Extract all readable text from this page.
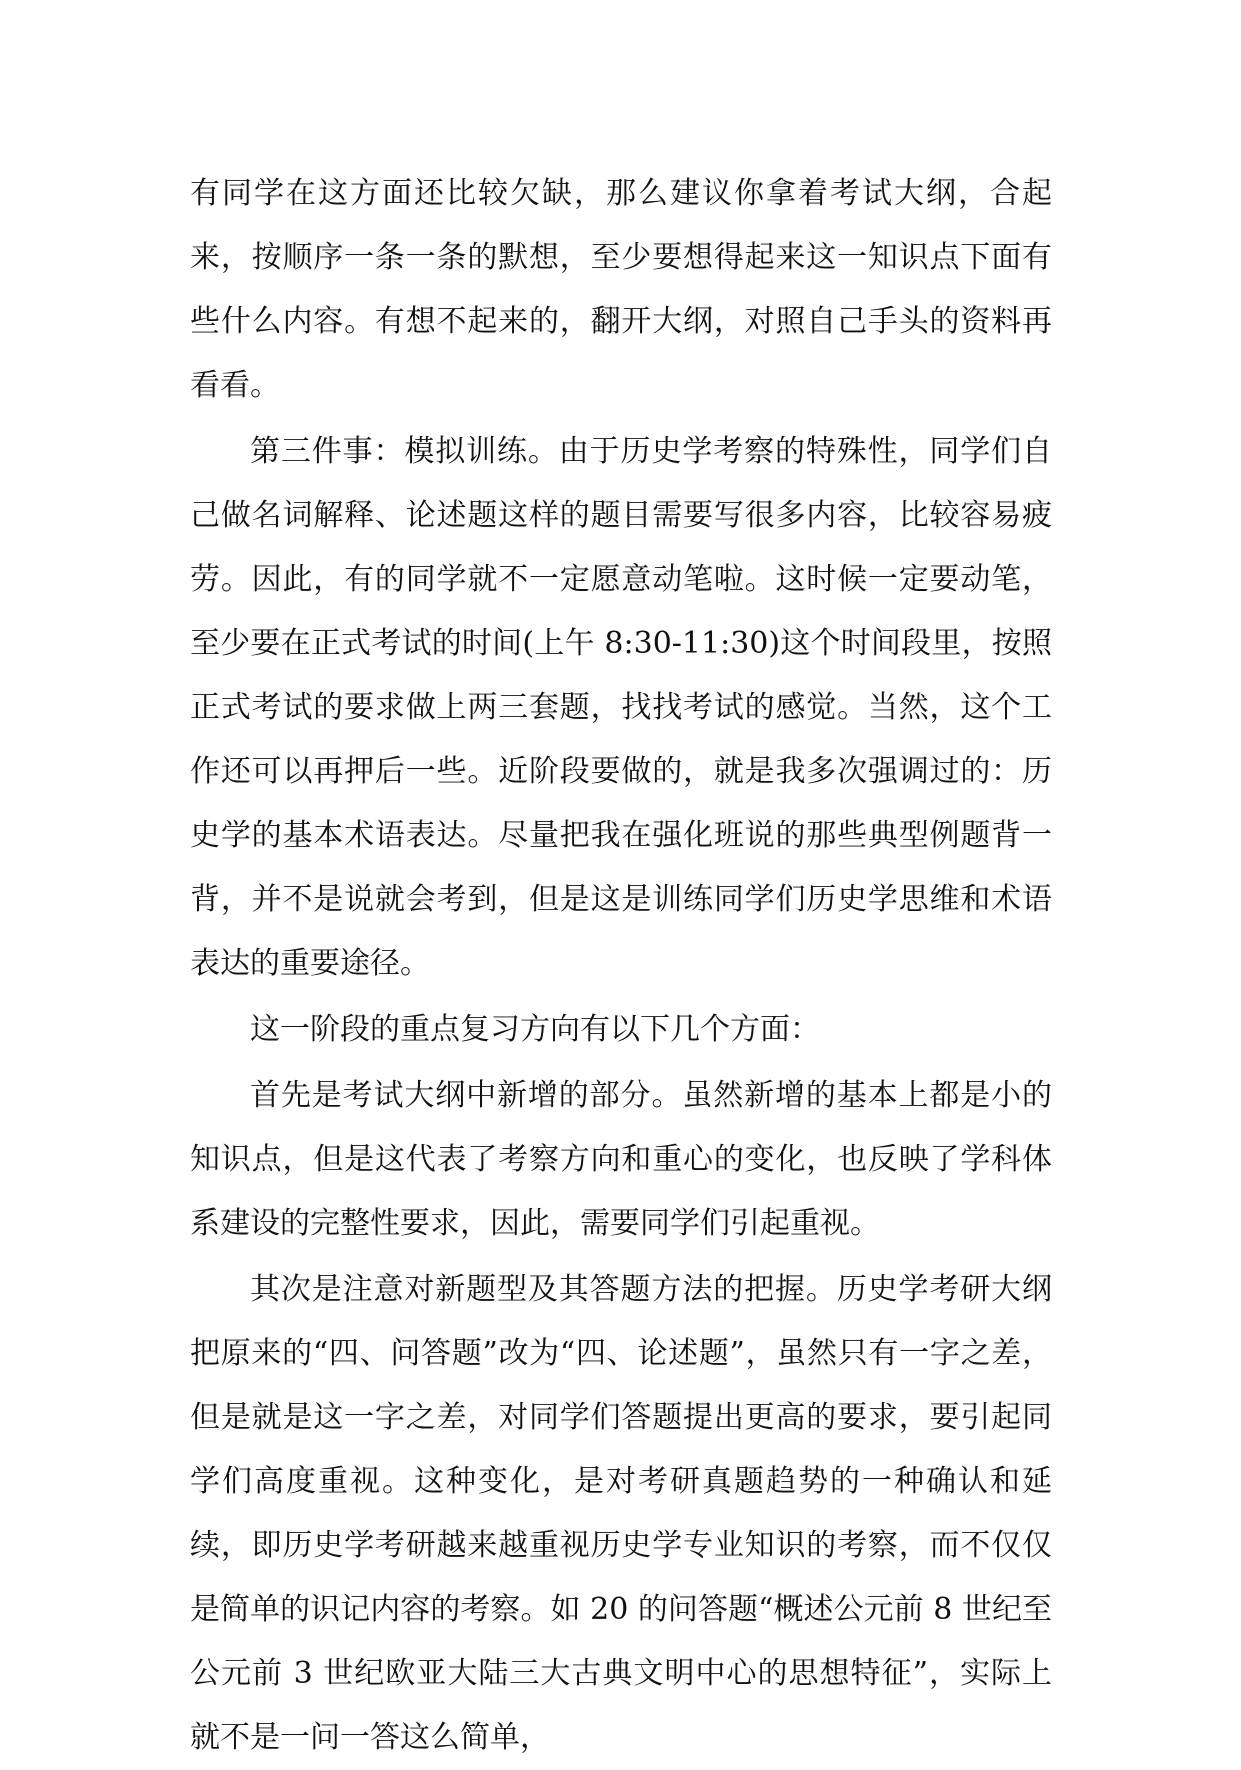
有同学在这方面还比较欠缺，那么建议你拿着考试大纲，合起来，按顺序一条一条的默想，至少要想得起来这一知识点下面有些什么内容。有想不起来的，翻开大纲，对照自己手头的资料再看看。

第三件事：模拟训练。由于历史学考察的特殊性，同学们自己做名词解释、论述题这样的题目需要写很多内容，比较容易疲劳。因此，有的同学就不一定愿意动笔啦。这时候一定要动笔，至少要在正式考试的时间(上午 8:30-11:30)这个时间段里，按照正式考试的要求做上两三套题，找找考试的感觉。当然，这个工作还可以再押后一些。近阶段要做的，就是我多次强调过的：历史学的基本术语表达。尽量把我在强化班说的那些典型例题背一背，并不是说就会考到，但是这是训练同学们历史学思维和术语表达的重要途径。

这一阶段的重点复习方向有以下几个方面：

首先是考试大纲中新增的部分。虽然新增的基本上都是小的知识点，但是这代表了考察方向和重心的变化，也反映了学科体系建设的完整性要求，因此，需要同学们引起重视。

其次是注意对新题型及其答题方法的把握。历史学考研大纲把原来的“四、问答题”改为“四、论述题”，虽然只有一字之差，但是就是这一字之差，对同学们答题提出更高的要求，要引起同学们高度重视。这种变化，是对考研真题趋势的一种确认和延续，即历史学考研越来越重视历史学专业知识的考察，而不仅仅是简单的识记内容的考察。如 20 的问答题“概述公元前 8 世纪至公元前 3 世纪欧亚大陆三大古典文明中心的思想特征”，实际上就不是一问一答这么简单，
